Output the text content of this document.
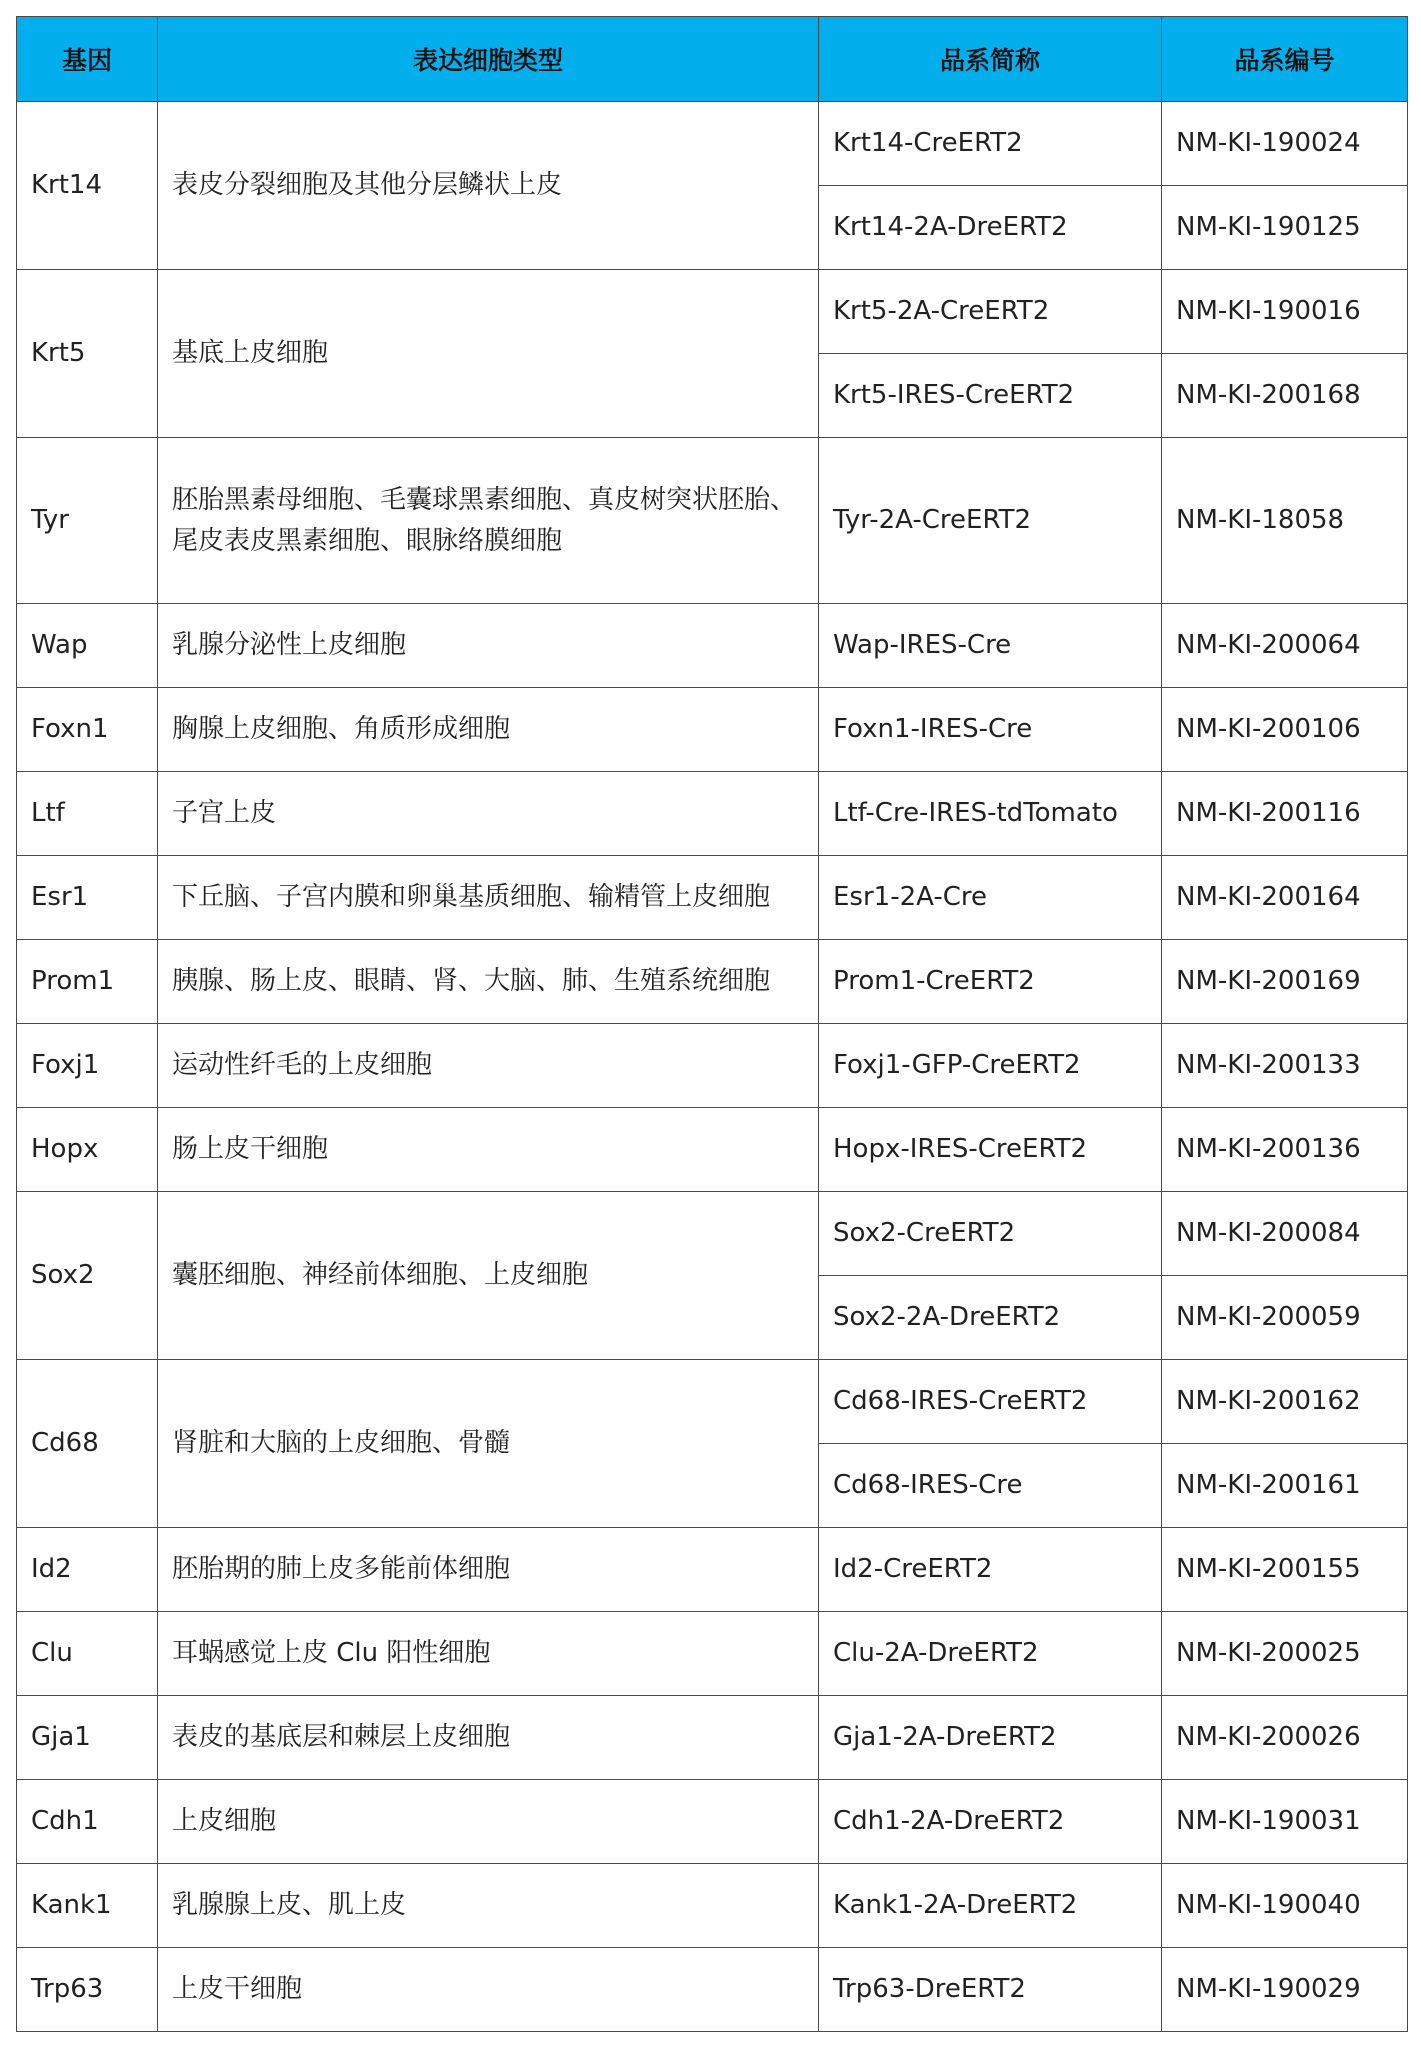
基因	表达细胞类型	品系简称	品系编号
Krt14	表皮分裂细胞及其他分层鳞状上皮	Krt14-CreERT2	NM-KI-190024
		Krt14-2A-DreERT2	NM-KI-190125
Krt5	基底上皮细胞	Krt5-2A-CreERT2	NM-KI-190016
		Krt5-IRES-CreERT2	NM-KI-200168
Tyr	胚胎黑素母细胞、毛囊球黑素细胞、真皮树突状胚胎、尾皮表皮黑素细胞、眼脉络膜细胞	Tyr-2A-CreERT2	NM-KI-18058
Wap	乳腺分泌性上皮细胞	Wap-IRES-Cre	NM-KI-200064
Foxn1	胸腺上皮细胞、角质形成细胞	Foxn1-IRES-Cre	NM-KI-200106
Ltf	子宫上皮	Ltf-Cre-IRES-tdTomato	NM-KI-200116
Esr1	下丘脑、子宫内膜和卵巢基质细胞、输精管上皮细胞	Esr1-2A-Cre	NM-KI-200164
Prom1	胰腺、肠上皮、眼睛、肾、大脑、肺、生殖系统细胞	Prom1-CreERT2	NM-KI-200169
Foxj1	运动性纤毛的上皮细胞	Foxj1-GFP-CreERT2	NM-KI-200133
Hopx	肠上皮干细胞	Hopx-IRES-CreERT2	NM-KI-200136
Sox2	囊胚细胞、神经前体细胞、上皮细胞	Sox2-CreERT2	NM-KI-200084
		Sox2-2A-DreERT2	NM-KI-200059
Cd68	肾脏和大脑的上皮细胞、骨髓	Cd68-IRES-CreERT2	NM-KI-200162
		Cd68-IRES-Cre	NM-KI-200161
Id2	胚胎期的肺上皮多能前体细胞	Id2-CreERT2	NM-KI-200155
Clu	耳蜗感觉上皮 Clu 阳性细胞	Clu-2A-DreERT2	NM-KI-200025
Gja1	表皮的基底层和棘层上皮细胞	Gja1-2A-DreERT2	NM-KI-200026
Cdh1	上皮细胞	Cdh1-2A-DreERT2	NM-KI-190031
Kank1	乳腺腺上皮、肌上皮	Kank1-2A-DreERT2	NM-KI-190040
Trp63	上皮干细胞	Trp63-DreERT2	NM-KI-190029
